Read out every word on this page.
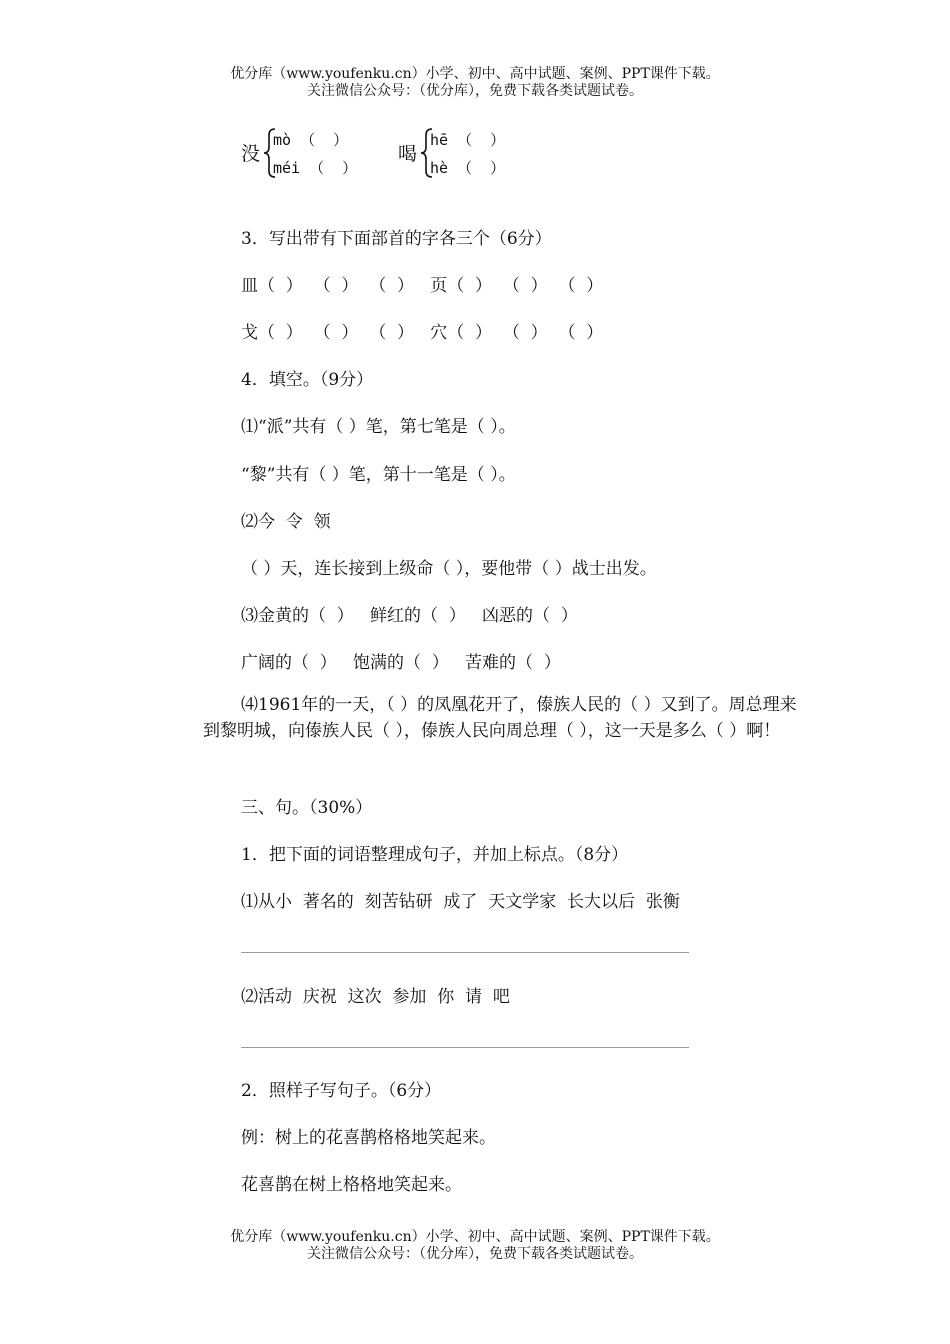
优分库（www.youfenku.cn）小学、初中、高中试题、案例、PPT课件下载。
关注微信公众号：（优分库），免费下载各类试题试卷。
没
mò （  ）
méi （  ）
喝
hē （  ）
hè （  ）
3．写出带有下面部首的字各三个（6分）
皿（  ）  （  ）  （  ）   页（  ）  （  ）  （  ）
戈（  ）  （  ）  （  ）   穴（  ）  （  ）  （  ）
4．填空。（9分）
⑴“派”共有（ ）笔，第七笔是（ ）。
“黎”共有（ ）笔，第十一笔是（ ）。
⑵今  令  领
（ ）天，连长接到上级命（ ），要他带（ ）战士出发。
⑶金黄的（  ）   鲜红的（  ）   凶恶的（  ）
广阔的（  ）   饱满的（  ）   苦难的（  ）
⑷1961年的一天，（ ）的凤凰花开了，傣族人民的（ ）又到了。周总理来到黎明城，向傣族人民（ ），傣族人民向周总理（ ），这一天是多么（ ）啊！
三、句。（30%）
1．把下面的词语整理成句子，并加上标点。（8分）
⑴从小  著名的  刻苦钻研  成了  天文学家  长大以后  张衡
⑵活动  庆祝  这次  参加  你  请  吧
2．照样子写句子。（6分）
例：树上的花喜鹊格格地笑起来。
花喜鹊在树上格格地笑起来。
优分库（www.youfenku.cn）小学、初中、高中试题、案例、PPT课件下载。
关注微信公众号：（优分库），免费下载各类试题试卷。
